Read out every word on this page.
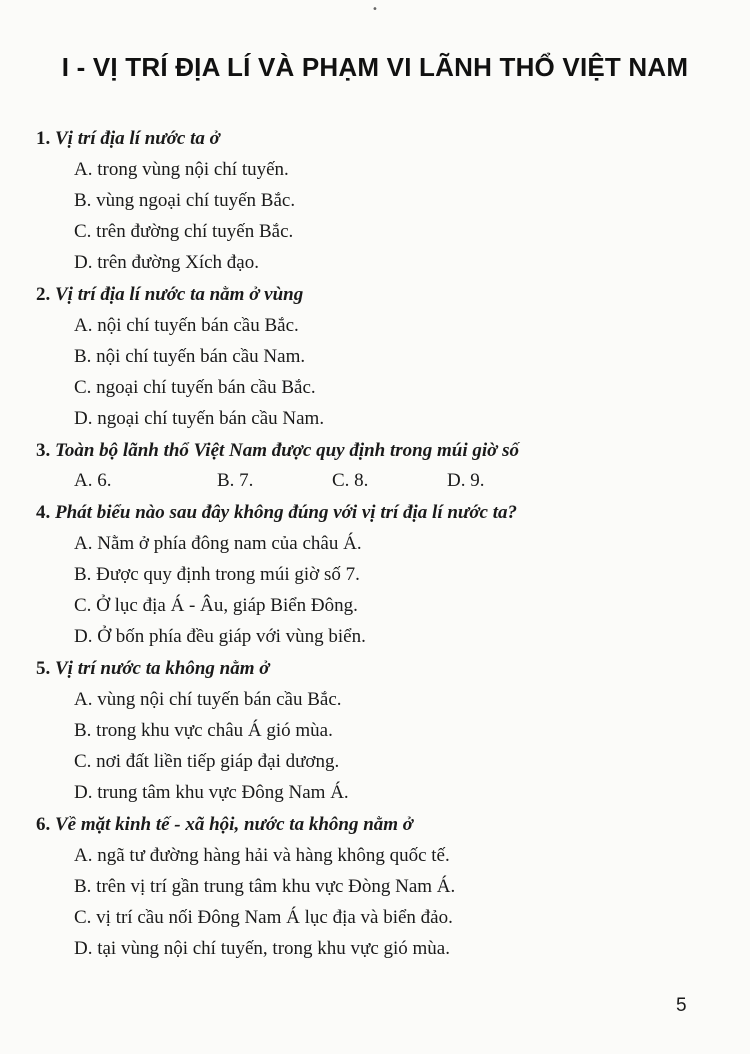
•
I - VỊ TRÍ ĐỊA LÍ VÀ PHẠM VI LÃNH THỔ VIỆT NAM
1. Vị trí địa lí nước ta ở
A. trong vùng nội chí tuyến.
B. vùng ngoại chí tuyến Bắc.
C. trên đường chí tuyến Bắc.
D. trên đường Xích đạo.
2. Vị trí địa lí nước ta nằm ở vùng
A. nội chí tuyến bán cầu Bắc.
B. nội chí tuyến bán cầu Nam.
C. ngoại chí tuyến bán cầu Bắc.
D. ngoại chí tuyến bán cầu Nam.
3. Toàn bộ lãnh thổ Việt Nam được quy định trong múi giờ số
A. 6.	B. 7.	C. 8.	D. 9.
4. Phát biểu nào sau đây không đúng với vị trí địa lí nước ta?
A. Nằm ở phía đông nam của châu Á.
B. Được quy định trong múi giờ số 7.
C. Ở lục địa Á - Âu, giáp Biển Đông.
D. Ở bốn phía đều giáp với vùng biển.
5. Vị trí nước ta không nằm ở
A. vùng nội chí tuyến bán cầu Bắc.
B. trong khu vực châu Á gió mùa.
C. nơi đất liền tiếp giáp đại dương.
D. trung tâm khu vực Đông Nam Á.
6. Về mặt kinh tế - xã hội, nước ta không nằm ở
A. ngã tư đường hàng hải và hàng không quốc tế.
B. trên vị trí gần trung tâm khu vực Đòng Nam Á.
C. vị trí cầu nối Đông Nam Á lục địa và biển đảo.
D. tại vùng nội chí tuyến, trong khu vực gió mùa.
5
